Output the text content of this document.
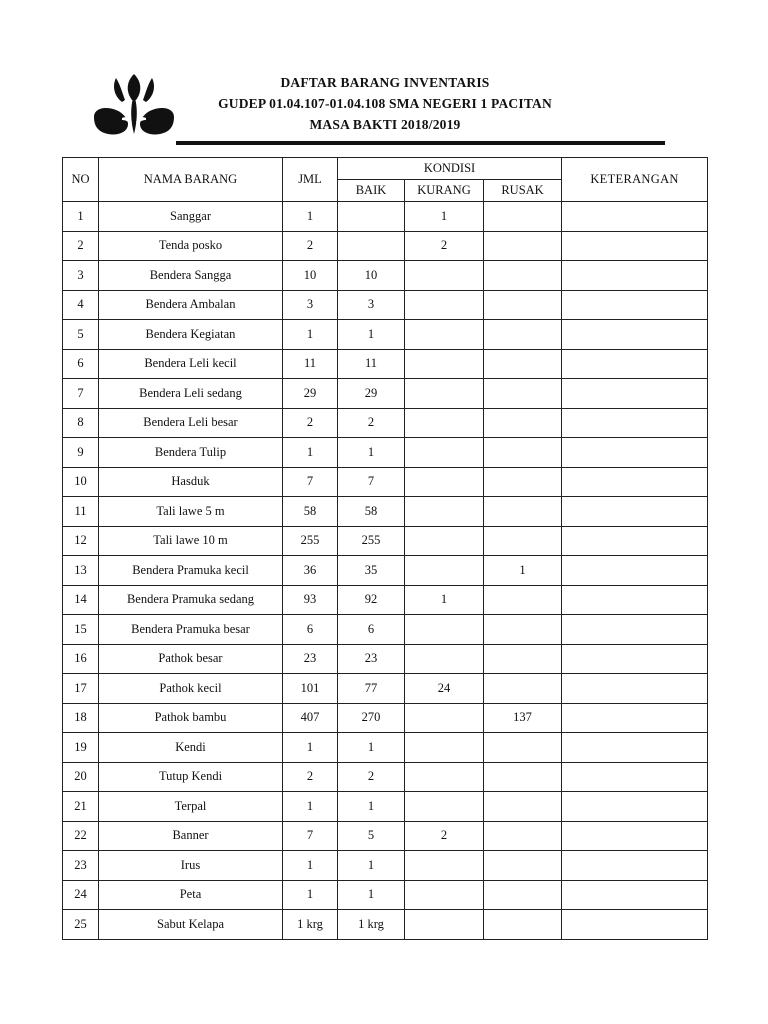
DAFTAR BARANG INVENTARIS
GUDEP 01.04.107-01.04.108 SMA NEGERI 1 PACITAN
MASA BAKTI 2018/2019
NO	NAMA BARANG	JML	KONDISI			KETERANGAN
			BAIK	KURANG	RUSAK	
1	Sanggar	1		1		
2	Tenda posko	2		2		
3	Bendera Sangga	10	10			
4	Bendera Ambalan	3	3			
5	Bendera Kegiatan	1	1			
6	Bendera Leli kecil	11	11			
7	Bendera Leli sedang	29	29			
8	Bendera Leli besar	2	2			
9	Bendera Tulip	1	1			
10	Hasduk	7	7			
11	Tali lawe 5 m	58	58			
12	Tali lawe 10 m	255	255			
13	Bendera Pramuka kecil	36	35		1	
14	Bendera Pramuka sedang	93	92	1		
15	Bendera Pramuka besar	6	6			
16	Pathok besar	23	23			
17	Pathok kecil	101	77	24		
18	Pathok bambu	407	270		137	
19	Kendi	1	1			
20	Tutup Kendi	2	2			
21	Terpal	1	1			
22	Banner	7	5	2		
23	Irus	1	1			
24	Peta	1	1			
25	Sabut Kelapa	1 krg	1 krg			
